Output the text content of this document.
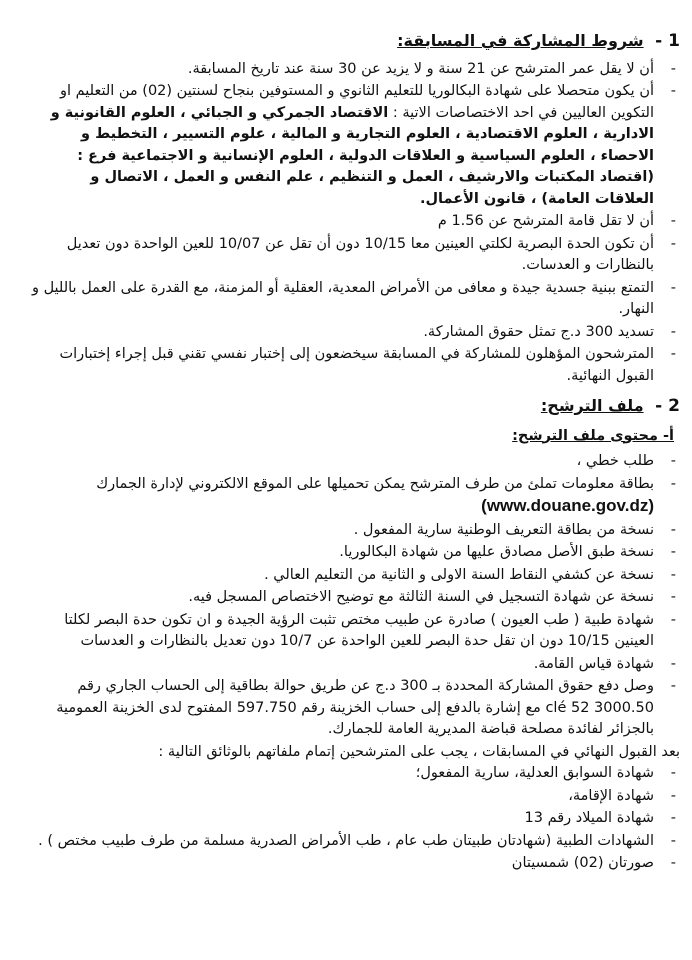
1 - شروط المشاركة في المسابقة:
- أن لا يقل عمر المترشح عن 21 سنة و لا يزيد عن 30 سنة عند تاريخ المسابقة.
- أن يكون متحصلا على شهادة البكالوريا للتعليم الثانوي و المستوفين بنجاح لسنتين (02) من التعليم او التكوين العاليين في احد الاختصاصات الاتية : الاقتصاد الجمركي و الجبائي ، العلوم القانونية و الادارية ، العلوم الاقتصادية ، العلوم التجارية و المالية ، علوم التسيير ، التخطيط و الاحصاء ، العلوم السياسية و العلاقات الدولية ، العلوم الإنسانية و الاجتماعية فرع : (اقتصاد المكتبات والارشيف ، العمل و التنظيم ، علم النفس و العمل ، الاتصال و العلاقات العامة) ، قانون الأعمال.
- أن لا تقل قامة المترشح عن 1.56 م
- أن تكون الحدة البصرية لكلتي العينين معا 10/15 دون أن تقل عن 10/07 للعين الواحدة دون تعديل بالنظارات و العدسات.
- التمتع ببنية جسدية جيدة و معافى من الأمراض المعدية، العقلية أو المزمنة، مع القدرة على العمل بالليل و النهار.
- تسديد 300 د.ج تمثل حقوق المشاركة.
- المترشحون المؤهلون للمشاركة في المسابقة سيخضعون إلى إختبار نفسي تقني قبل إجراء إختبارات القبول النهائية.
2 - ملف الترشح:
أ- محتوى ملف الترشح:
- طلب خطي ،
- بطاقة معلومات تملئ من طرف المترشح يمكن تحميلها على الموقع الالكتروني لإدارة الجمارك
(www.douane.gov.dz)
- نسخة من بطاقة التعريف الوطنية سارية المفعول .
- نسخة طبق الأصل مصادق عليها من شهادة البكالوريا.
- نسخة عن كشفي النقاط السنة الاولى و الثانية من التعليم العالي .
- نسخة عن شهادة التسجيل في السنة الثالثة مع توضيح الاختصاص المسجل فيه.
- شهادة طبية ( طب العيون ) صادرة عن طبيب مختص تثبت الرؤية الجيدة و ان تكون حدة البصر لكلتا العينين 10/15 دون ان تقل حدة البصر للعين الواحدة عن 10/7 دون تعديل بالنظارات و العدسات
- شهادة قياس القامة.
- وصل دفع حقوق المشاركة المحددة بـ 300 د.ج عن طريق حوالة بطاقية إلى الحساب الجاري رقم 3000.50 clé 52 مع إشارة بالدفع إلى حساب الخزينة رقم 597.750 المفتوح لدى الخزينة العمومية بالجزائر لفائدة مصلحة قباضة المديرية العامة للجمارك.
بعد القبول النهائي في المسابقات ، يجب على المترشحين إتمام ملفاتهم بالوثائق التالية :
- شهادة السوابق العدلية، سارية المفعول؛
- شهادة الإقامة،
- شهادة الميلاد رقم 13
- الشهادات الطبية (شهادتان طبيتان طب عام ، طب الأمراض الصدرية مسلمة من طرف طبيب مختص ) .
- صورتان (02) شمسيتان
